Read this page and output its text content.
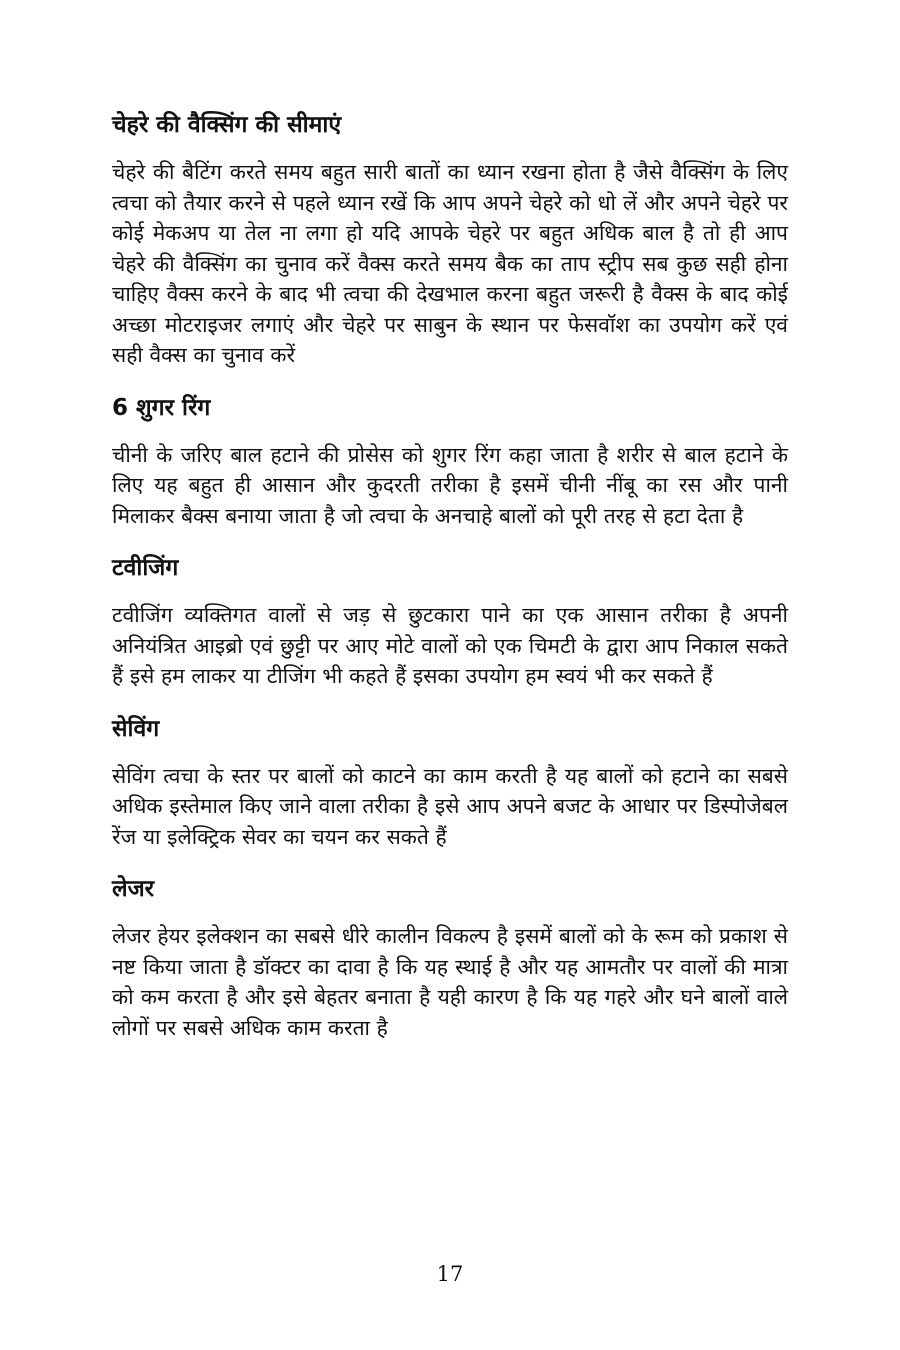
चेहरे की वैक्सिंग की सीमाएं

चेहरे की बैटिंग करते समय बहुत सारी बातों का ध्यान रखना होता है जैसे वैक्सिंग के लिए त्वचा को तैयार करने से पहले ध्यान रखें कि आप अपने चेहरे को धो लें और अपने चेहरे पर कोई मेकअप या तेल ना लगा हो यदि आपके चेहरे पर बहुत अधिक बाल है तो ही आप चेहरे की वैक्सिंग का चुनाव करें वैक्स करते समय बैक का ताप स्ट्रीप सब कुछ सही होना चाहिए वैक्स करने के बाद भी त्वचा की देखभाल करना बहुत जरूरी है वैक्स के बाद कोई अच्छा मोटराइजर लगाएं और चेहरे पर साबुन के स्थान पर फेसवॉश का उपयोग करें एवं सही वैक्स का चुनाव करें

6 शुगर रिंग

चीनी के जरिए बाल हटाने की प्रोसेस को शुगर रिंग कहा जाता है शरीर से बाल हटाने के लिए यह बहुत ही आसान और कुदरती तरीका है इसमें चीनी नींबू का रस और पानी मिलाकर बैक्स बनाया जाता है जो त्वचा के अनचाहे बालों को पूरी तरह से हटा देता है

टवीजिंग

टवीजिंग व्यक्तिगत वालों से जड़ से छुटकारा पाने का एक आसान तरीका है अपनी अनियंत्रित आइब्रो एवं छुट्टी पर आए मोटे वालों को एक चिमटी के द्वारा आप निकाल सकते हैं इसे हम लाकर या टीजिंग भी कहते हैं इसका उपयोग हम स्वयं भी कर सकते हैं

सेविंग

सेविंग त्वचा के स्तर पर बालों को काटने का काम करती है यह बालों को हटाने का सबसे अधिक इस्तेमाल किए जाने वाला तरीका है इसे आप अपने बजट के आधार पर डिस्पोजेबल रेंज या इलेक्ट्रिक सेवर का चयन कर सकते हैं

लेजर

लेजर हेयर इलेक्शन का सबसे धीरे कालीन विकल्प है इसमें बालों को के रूम को प्रकाश से नष्ट किया जाता है डॉक्टर का दावा है कि यह स्थाई है और यह आमतौर पर वालों की मात्रा को कम करता है और इसे बेहतर बनाता है यही कारण है कि यह गहरे और घने बालों वाले लोगों पर सबसे अधिक काम करता है

17
